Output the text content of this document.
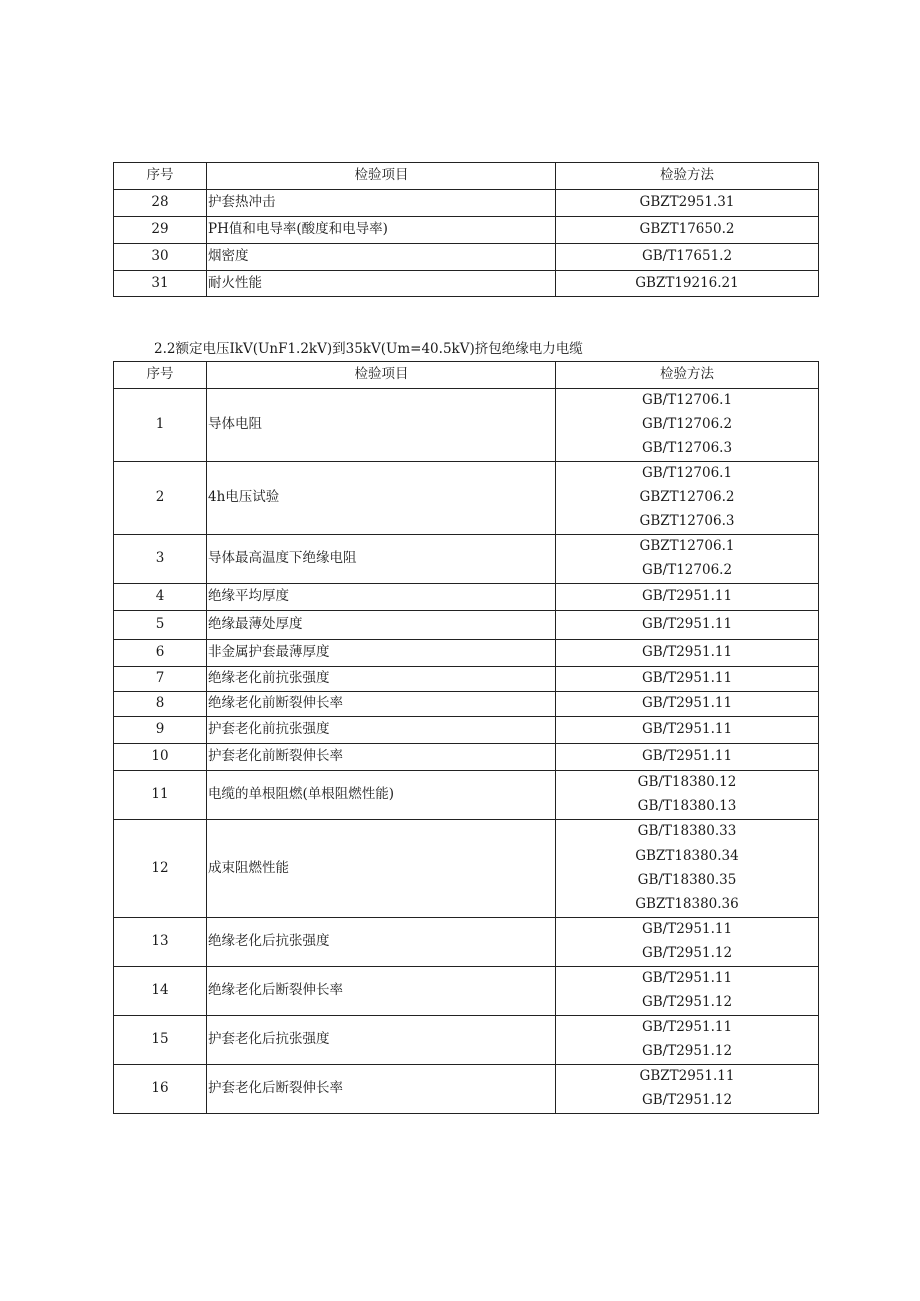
序号	检验项目	检验方法
28	护套热冲击	GBZT2951.31

29	PH值和电导率(酸度和电导率)	GBZT17650.2

30	烟密度	GB/T17651.2

31	耐火性能	GBZT19216.21
2.2额定电压IkV(UnF1.2kV)到35kV(Um=40.5kV)挤包绝缘电力电缆
序号	检验项目	检验方法
1	导体电阻	GB/T12706.1
GB/T12706.2
GB/T12706.3

2	4h电压试验	GB/T12706.1
GBZT12706.2
GBZT12706.3

3	导体最高温度下绝缘电阻	GBZT12706.1
GB/T12706.2

4	绝缘平均厚度	GB/T2951.11

5	绝缘最薄处厚度	GB/T2951.11

6	非金属护套最薄厚度	GB/T2951.11

7	绝缘老化前抗张强度	GB/T2951.11

8	绝缘老化前断裂伸长率	GB/T2951.11

9	护套老化前抗张强度	GB/T2951.11

10	护套老化前断裂伸长率	GB/T2951.11

11	电缆的单根阻燃(单根阻燃性能)	GB/T18380.12
GB/T18380.13

12	成束阻燃性能	GB/T18380.33
GBZT18380.34
GB/T18380.35
GBZT18380.36

13	绝缘老化后抗张强度	GB/T2951.11
GB/T2951.12

14	绝缘老化后断裂伸长率	GB/T2951.11
GB/T2951.12

15	护套老化后抗张强度	GB/T2951.11
GB/T2951.12

16	护套老化后断裂伸长率	GBZT2951.11
GB/T2951.12
